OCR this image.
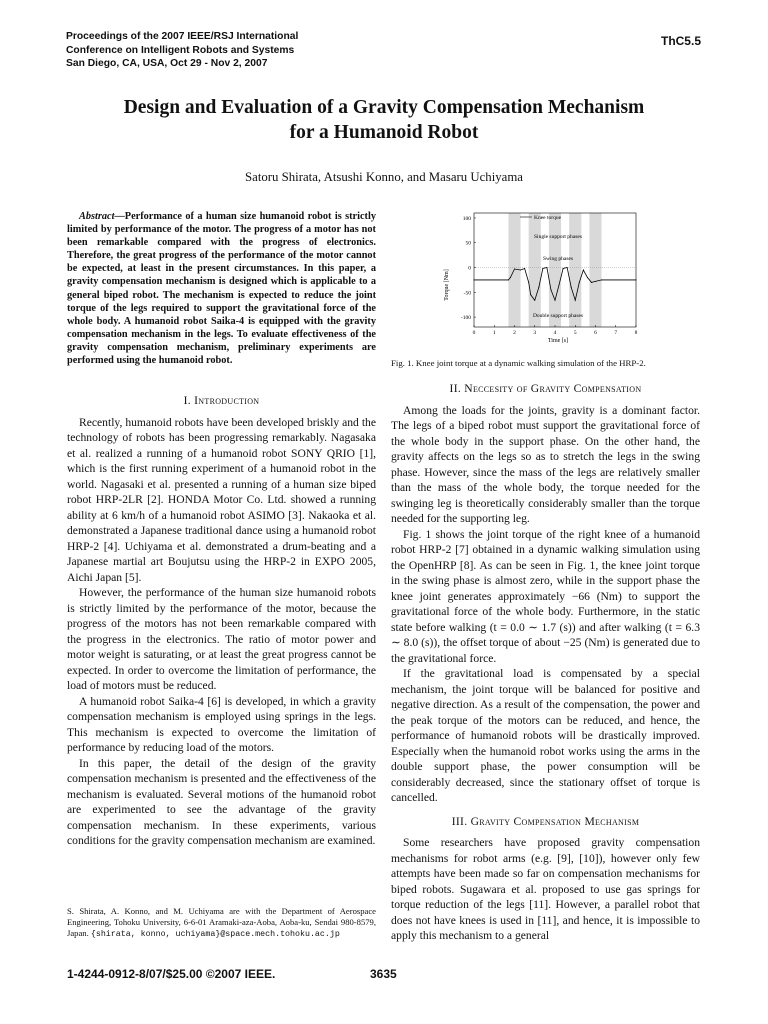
Proceedings of the 2007 IEEE/RSJ International
Conference on Intelligent Robots and Systems
San Diego, CA, USA, Oct 29 - Nov 2, 2007
ThC5.5
Design and Evaluation of a Gravity Compensation Mechanism
for a Humanoid Robot
Satoru Shirata, Atsushi Konno, and Masaru Uchiyama

Abstract—Performance of a human size humanoid robot is strictly limited by performance of the motor. The progress of a motor has not been remarkable compared with the progress of electronics. Therefore, the great progress of the performance of the motor cannot be expected, at least in the present circumstances. In this paper, a gravity compensation mechanism is designed which is applicable to a general biped robot. The mechanism is expected to reduce the joint torque of the legs required to support the gravitational force of the whole body. A humanoid robot Saika-4 is equipped with the gravity compensation mechanism in the legs. To evaluate effectiveness of the gravity compensation mechanism, preliminary experiments are performed using the humanoid robot.

I. Introduction

Recently, humanoid robots have been developed briskly and the technology of robots has been progressing remarkably. Nagasaka et al. realized a running of a humanoid robot SONY QRIO [1], which is the first running experiment of a humanoid robot in the world. Nagasaki et al. presented a running of a human size biped robot HRP-2LR [2]. HONDA Motor Co. Ltd. showed a running ability at 6 km/h of a humanoid robot ASIMO [3]. Nakaoka et al. demonstrated a Japanese traditional dance using a humanoid robot HRP-2 [4]. Uchiyama et al. demonstrated a drum-beating and a Japanese martial art Boujutsu using the HRP-2 in EXPO 2005, Aichi Japan [5].

However, the performance of the human size humanoid robots is strictly limited by the performance of the motor, because the progress of the motors has not been remarkable compared with the progress in the electronics. The ratio of motor power and motor weight is saturating, or at least the great progress cannot be expected. In order to overcome the limitation of performance, the load of motors must be reduced.

A humanoid robot Saika-4 [6] is developed, in which a gravity compensation mechanism is employed using springs in the legs. This mechanism is expected to overcome the limitation of performance by reducing load of the motors.

In this paper, the detail of the design of the gravity compensation mechanism is presented and the effectiveness of the mechanism is evaluated. Several motions of the humanoid robot are experimented to see the advantage of the gravity compensation mechanism. In these experiments, various conditions for the gravity compensation mechanism are examined.

S. Shirata, A. Konno, and M. Uchiyama are with the Department of Aerospace Engineering, Tohoku University, 6-6-01 Aramaki-aza-Aoba, Aoba-ku, Sendai 980-8579, Japan. {shirata, konno, uchiyama}@space.mech.tohoku.ac.jp
1-4244-0912-8/07/$25.00 ©2007 IEEE.	3635
Torque [Nm]
Time [s]
0	1	2	3	4	5	6	7	8
100
50
0
-50
-100
Knee torque
Single support phases
Swing phases
Double support phases
Fig. 1. Knee joint torque at a dynamic walking simulation of the HRP-2.

II. Neccesity of Gravity Compensation

Among the loads for the joints, gravity is a dominant factor. The legs of a biped robot must support the gravitational force of the whole body in the support phase. On the other hand, the gravity affects on the legs so as to stretch the legs in the swing phase. However, since the mass of the legs are relatively smaller than the mass of the whole body, the torque needed for the swinging leg is theoretically considerably smaller than the torque needed for the supporting leg.

Fig. 1 shows the joint torque of the right knee of a humanoid robot HRP-2 [7] obtained in a dynamic walking simulation using the OpenHRP [8]. As can be seen in Fig. 1, the knee joint torque in the swing phase is almost zero, while in the support phase the knee joint generates approximately −66 (Nm) to support the gravitational force of the whole body. Furthermore, in the static state before walking (t = 0.0 ∼ 1.7 (s)) and after walking (t = 6.3 ∼ 8.0 (s)), the offset torque of about −25 (Nm) is generated due to the gravitational force.

If the gravitational load is compensated by a special mechanism, the joint torque will be balanced for positive and negative direction. As a result of the compensation, the power and the peak torque of the motors can be reduced, and hence, the performance of humanoid robots will be drastically improved. Especially when the humanoid robot works using the arms in the double support phase, the power consumption will be considerably decreased, since the stationary offset of torque is cancelled.

III. Gravity Compensation Mechanism

Some researchers have proposed gravity compensation mechanisms for robot arms (e.g. [9], [10]), however only few attempts have been made so far on compensation mechanisms for biped robots. Sugawara et al. proposed to use gas springs for torque reduction of the legs [11]. However, a parallel robot that does not have knees is used in [11], and hence, it is impossible to apply this mechanism to a general
